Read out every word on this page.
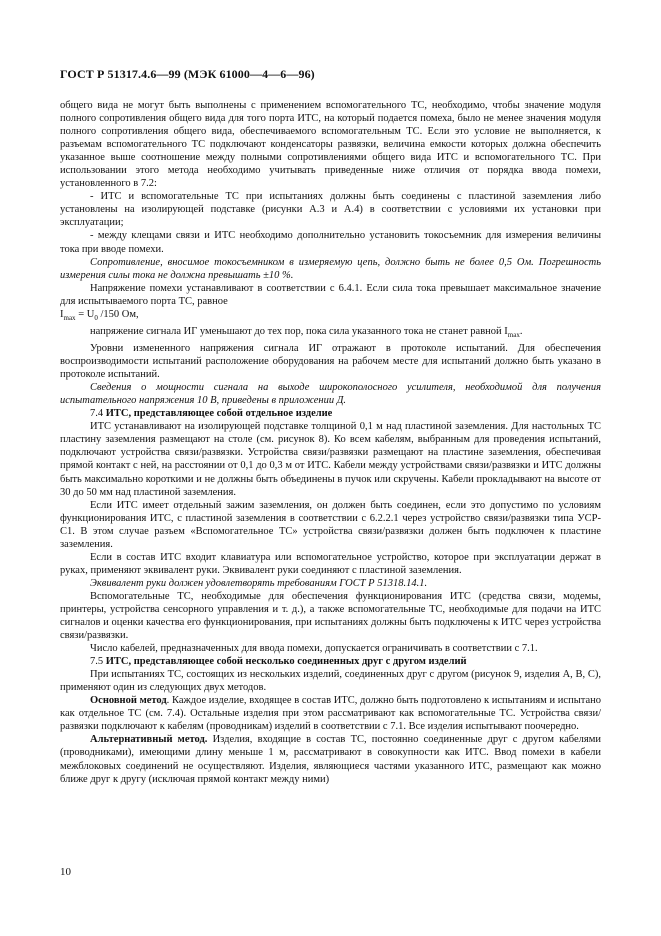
ГОСТ Р 51317.4.6—99 (МЭК 61000—4—6—96)

общего вида не могут быть выполнены с применением вспомогательного ТС, необходимо, чтобы значение модуля полного сопротивления общего вида для того порта ИТС, на который подается помеха, было не менее значения модуля полного сопротивления общего вида, обеспечиваемого вспомогательным ТС. Если это условие не выполняется, к разъемам вспомогательного ТС подключают конденсаторы развязки, величина емкости которых должна обеспечить указанное выше соотношение между полными сопротивлениями общего вида ИТС и вспомогательного ТС. При использовании этого метода необходимо учитывать приведенные ниже отличия от порядка ввода помехи, установленного в 7.2:

- ИТС и вспомогательные ТС при испытаниях должны быть соединены с пластиной заземления либо установлены на изолирующей подставке (рисунки А.3 и А.4) в соответствии с условиями их установки при эксплуатации;

- между клещами связи и ИТС необходимо дополнительно установить токосъемник для измерения величины тока при вводе помехи.

Сопротивление, вносимое токосъемником в измеряемую цепь, должно быть не более 0,5 Ом. Погрешность измерения силы тока не должна превышать ±10 %.

Напряжение помехи устанавливают в соответствии с 6.4.1. Если сила тока превышает максимальное значение для испытываемого порта ТС, равное

$I_{max} = U_0$ /150 Ом,

напряжение сигнала ИГ уменьшают до тех пор, пока сила указанного тока не станет равной $I_{max}$.

Уровни измененного напряжения сигнала ИГ отражают в протоколе испытаний. Для обеспечения воспроизводимости испытаний расположение оборудования на рабочем месте для испытаний должно быть указано в протоколе испытаний.

Сведения о мощности сигнала на выходе широкополосного усилителя, необходимой для получения испытательного напряжения 10 В, приведены в приложении Д.

7.4 ИТС, представляющее собой отдельное изделие

ИТС устанавливают на изолирующей подставке толщиной 0,1 м над пластиной заземления. Для настольных ТС пластину заземления размещают на столе (см. рисунок 8). Ко всем кабелям, выбранным для проведения испытаний, подключают устройства связи/развязки. Устройства связи/развязки размещают на пластине заземления, обеспечивая прямой контакт с ней, на расстоянии от 0,1 до 0,3 м от ИТС. Кабели между устройствами связи/развязки и ИТС должны быть максимально короткими и не должны быть объединены в пучок или скручены. Кабели прокладывают на высоте от 30 до 50 мм над пластиной заземления.

Если ИТС имеет отдельный зажим заземления, он должен быть соединен, если это допустимо по условиям функционирования ИТС, с пластиной заземления в соответствии с 6.2.2.1 через устройство связи/развязки типа УСР-С1. В этом случае разъем «Вспомогательное ТС» устройства связи/развязки должен быть подключен к пластине заземления.

Если в состав ИТС входит клавиатура или вспомогательное устройство, которое при эксплуатации держат в руках, применяют эквивалент руки. Эквивалент руки соединяют с пластиной заземления.

Эквивалент руки должен удовлетворять требованиям ГОСТ Р 51318.14.1.

Вспомогательные ТС, необходимые для обеспечения функционирования ИТС (средства связи, модемы, принтеры, устройства сенсорного управления и т. д.), а также вспомогательные ТС, необходимые для подачи на ИТС сигналов и оценки качества его функционирования, при испытаниях должны быть подключены к ИТС через устройства связи/развязки.

Число кабелей, предназначенных для ввода помехи, допускается ограничивать в соответствии с 7.1.

7.5 ИТС, представляющее собой несколько соединенных друг с другом изделий

При испытаниях ТС, состоящих из нескольких изделий, соединенных друг с другом (рисунок 9, изделия А, В, С), применяют один из следующих двух методов.

Основной метод. Каждое изделие, входящее в состав ИТС, должно быть подготовлено к испытаниям и испытано как отдельное ТС (см. 7.4). Остальные изделия при этом рассматривают как вспомогательные ТС. Устройства связи/развязки подключают к кабелям (проводникам) изделий в соответствии с 7.1. Все изделия испытывают поочередно.

Альтернативный метод. Изделия, входящие в состав ТС, постоянно соединенные друг с другом кабелями (проводниками), имеющими длину меньше 1 м, рассматривают в совокупности как ИТС. Ввод помехи в кабели межблоковых соединений не осуществляют. Изделия, являющиеся частями указанного ИТС, размещают как можно ближе друг к другу (исключая прямой контакт между ними)

10
